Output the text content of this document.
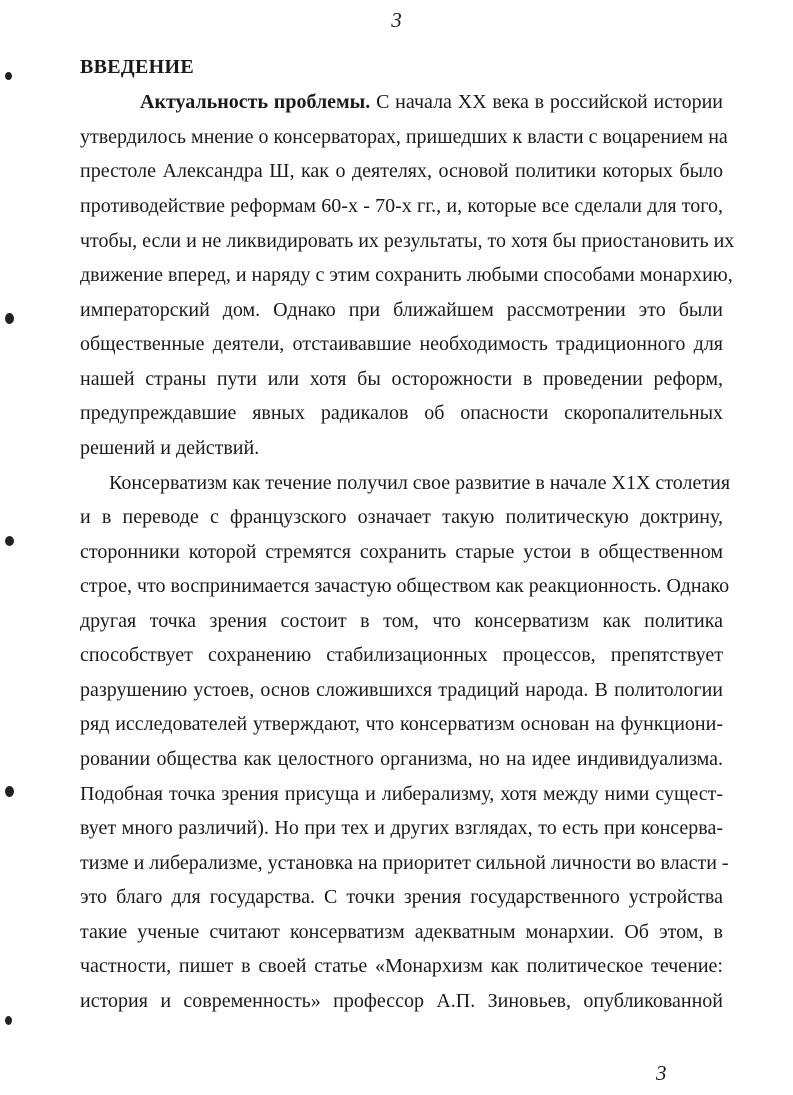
3
ВВЕДЕНИЕ
Актуальность проблемы. С начала XX века в российской истории
утвердилось мнение о консерваторах, пришедших к власти с воцарением на
престоле Александра Ш, как о деятелях, основой политики которых было
противодействие реформам 60-х - 70-х гг., и, которые все сделали для того,
чтобы, если и не ликвидировать их результаты, то хотя бы приостановить их
движение вперед, и наряду с этим сохранить любыми способами монархию,
императорский дом. Однако при ближайшем рассмотрении это были
общественные деятели, отстаивавшие необходимость традиционного для
нашей страны пути или хотя бы осторожности в проведении реформ,
предупреждавшие явных радикалов об опасности скоропалительных
решений и действий.
Консерватизм как течение получил свое развитие в начале Х1Х столетия
и в переводе с французского означает такую политическую доктрину,
сторонники которой стремятся сохранить старые устои в общественном
строе, что воспринимается зачастую обществом как реакционность. Однако
другая точка зрения состоит в том, что консерватизм как политика
способствует сохранению стабилизационных процессов, препятствует
разрушению устоев, основ сложившихся традиций народа. В политологии
ряд исследователей утверждают, что консерватизм основан на функциони-
ровании общества как целостного организма, но на идее индивидуализма.
Подобная точка зрения присуща и либерализму, хотя между ними сущест-
вует много различий). Но при тех и других взглядах, то есть при консерва-
тизме и либерализме, установка на приоритет сильной личности во власти -
это благо для государства. С точки зрения государственного устройства
такие ученые считают консерватизм адекватным монархии. Об этом, в
частности, пишет в своей статье «Монархизм как политическое течение:
история и современность» профессор А.П. Зиновьев, опубликованной
3
